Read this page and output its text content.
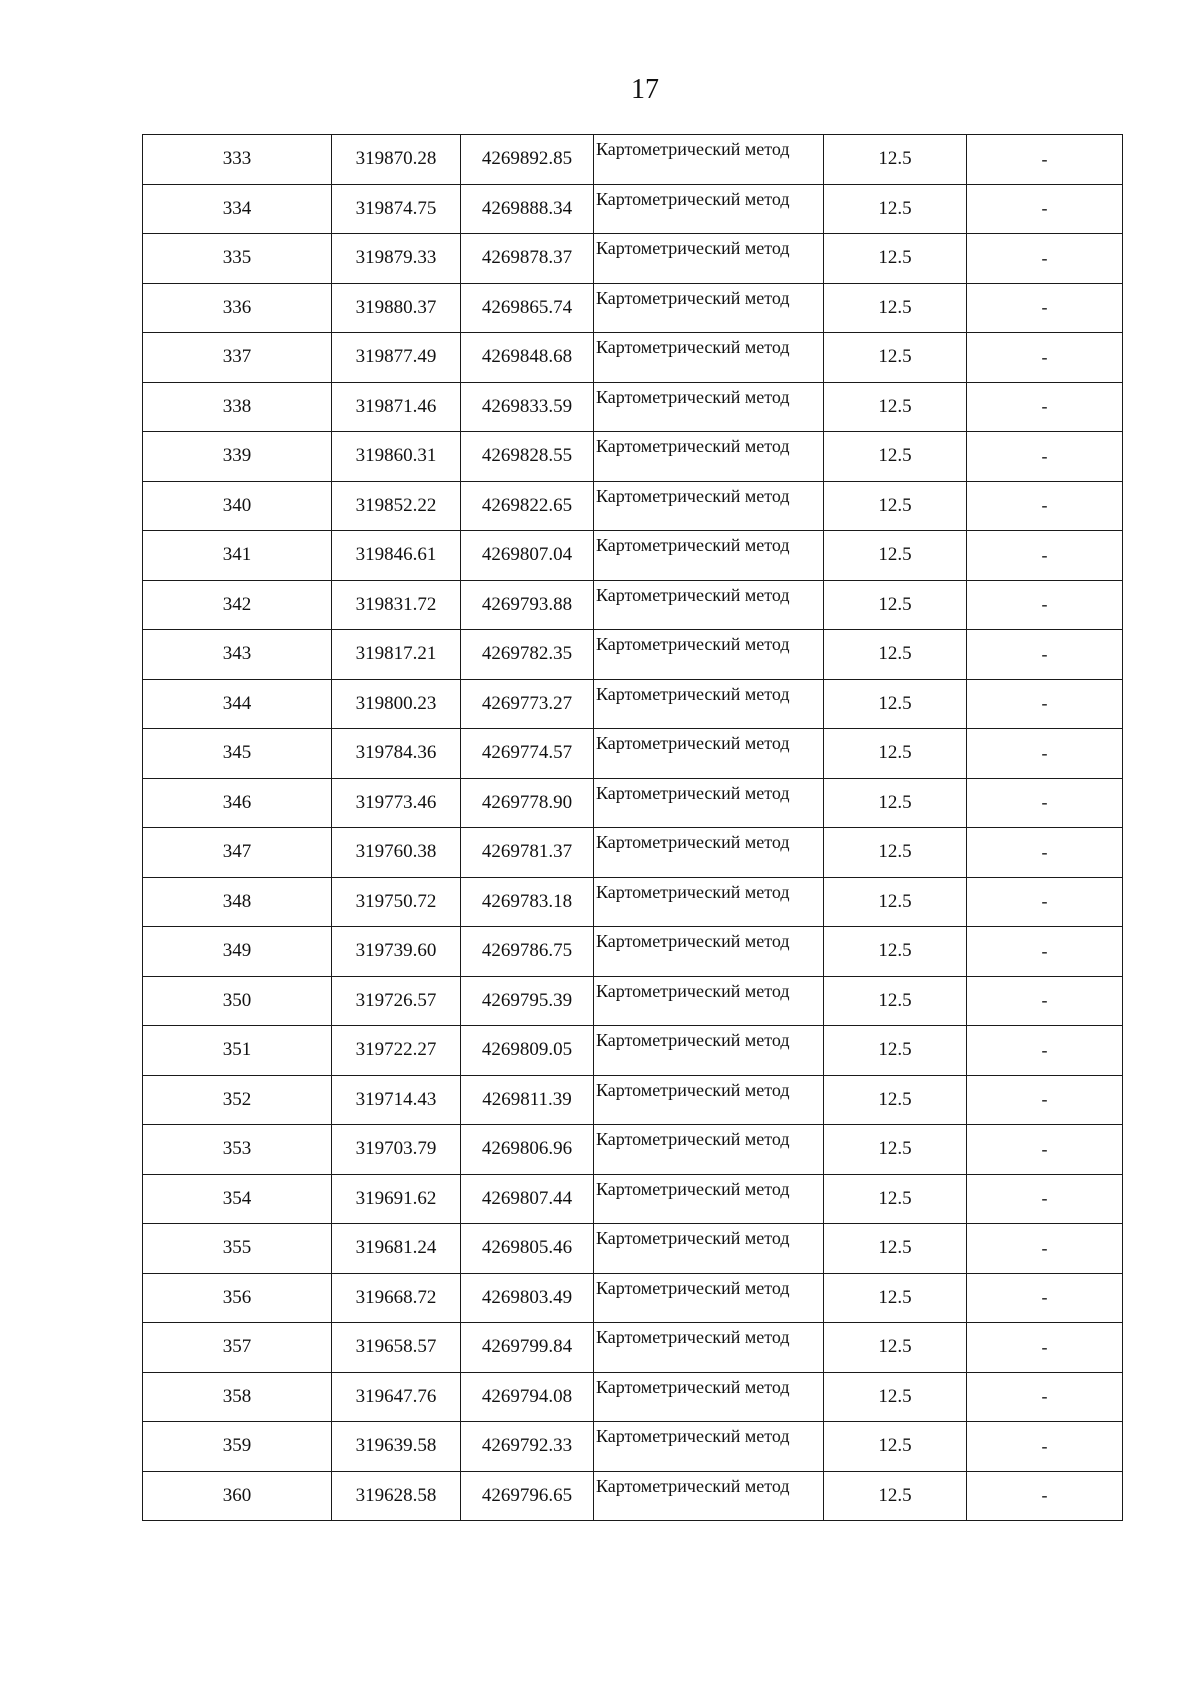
17
333	319870.28	4269892.85	Картометрический метод	12.5	-
334	319874.75	4269888.34	Картометрический метод	12.5	-
335	319879.33	4269878.37	Картометрический метод	12.5	-
336	319880.37	4269865.74	Картометрический метод	12.5	-
337	319877.49	4269848.68	Картометрический метод	12.5	-
338	319871.46	4269833.59	Картометрический метод	12.5	-
339	319860.31	4269828.55	Картометрический метод	12.5	-
340	319852.22	4269822.65	Картометрический метод	12.5	-
341	319846.61	4269807.04	Картометрический метод	12.5	-
342	319831.72	4269793.88	Картометрический метод	12.5	-
343	319817.21	4269782.35	Картометрический метод	12.5	-
344	319800.23	4269773.27	Картометрический метод	12.5	-
345	319784.36	4269774.57	Картометрический метод	12.5	-
346	319773.46	4269778.90	Картометрический метод	12.5	-
347	319760.38	4269781.37	Картометрический метод	12.5	-
348	319750.72	4269783.18	Картометрический метод	12.5	-
349	319739.60	4269786.75	Картометрический метод	12.5	-
350	319726.57	4269795.39	Картометрический метод	12.5	-
351	319722.27	4269809.05	Картометрический метод	12.5	-
352	319714.43	4269811.39	Картометрический метод	12.5	-
353	319703.79	4269806.96	Картометрический метод	12.5	-
354	319691.62	4269807.44	Картометрический метод	12.5	-
355	319681.24	4269805.46	Картометрический метод	12.5	-
356	319668.72	4269803.49	Картометрический метод	12.5	-
357	319658.57	4269799.84	Картометрический метод	12.5	-
358	319647.76	4269794.08	Картометрический метод	12.5	-
359	319639.58	4269792.33	Картометрический метод	12.5	-
360	319628.58	4269796.65	Картометрический метод	12.5	-
